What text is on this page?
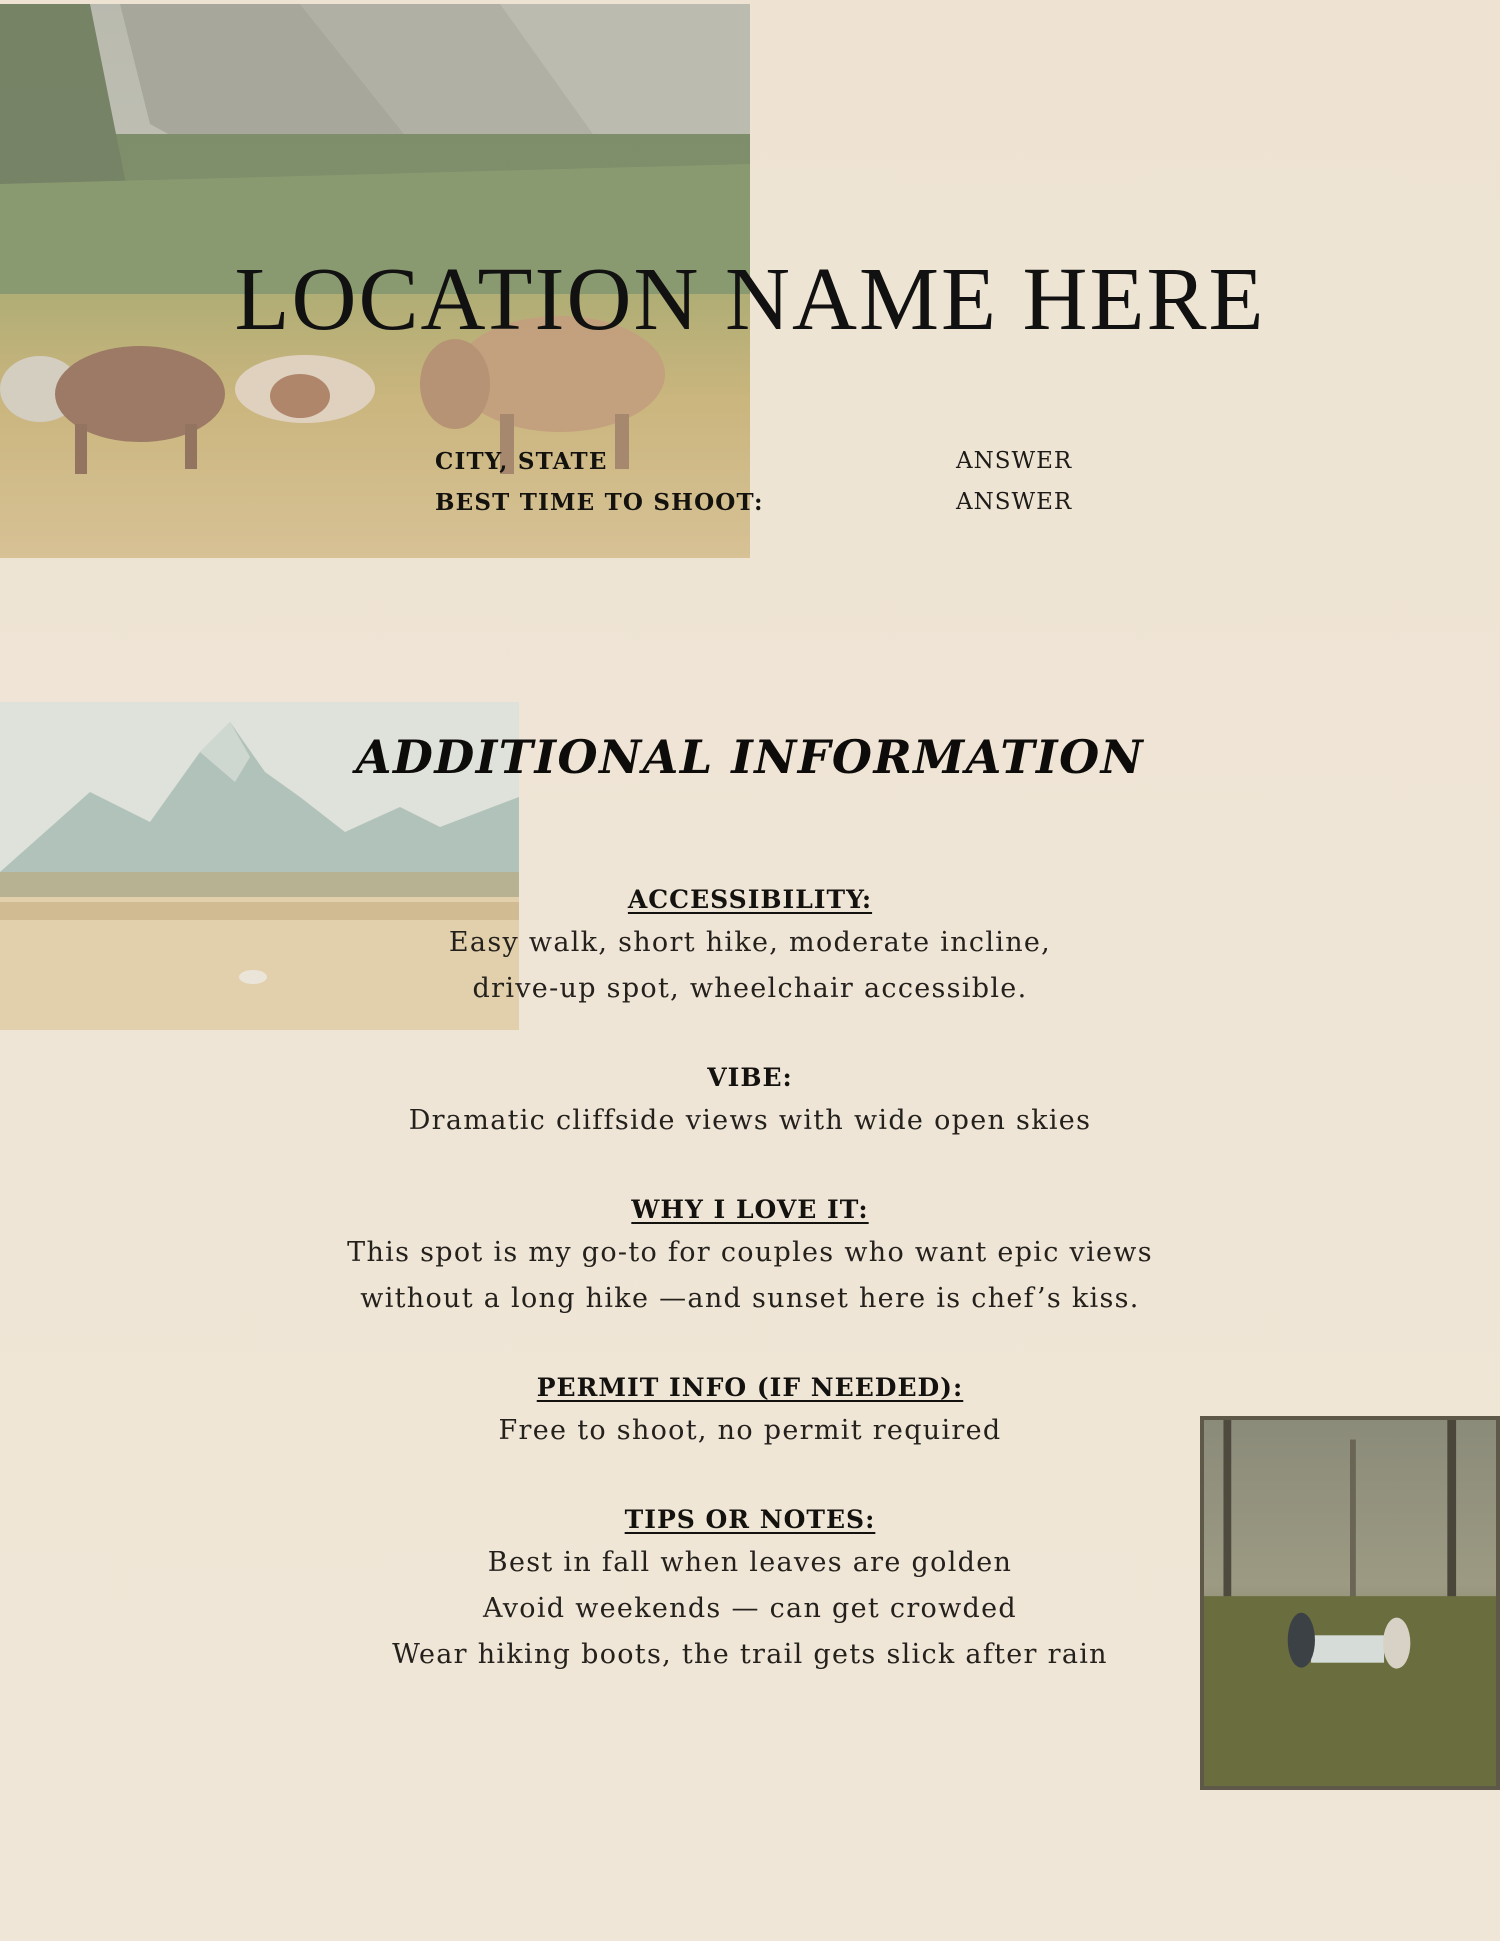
LOCATION NAME HERE
CITY, STATE	ANSWER
BEST TIME TO SHOOT:	ANSWER
ADDITIONAL INFORMATION
ACCESSIBILITY:
Easy walk, short hike, moderate incline,
drive-up spot, wheelchair accessible.
VIBE:
Dramatic cliffside views with wide open skies
WHY I LOVE IT:
This spot is my go-to for couples who want epic views
without a long hike —and sunset here is chef’s kiss.
PERMIT INFO (IF NEEDED):
Free to shoot, no permit required
TIPS OR NOTES:
Best in fall when leaves are golden
Avoid weekends — can get crowded
Wear hiking boots, the trail gets slick after rain
